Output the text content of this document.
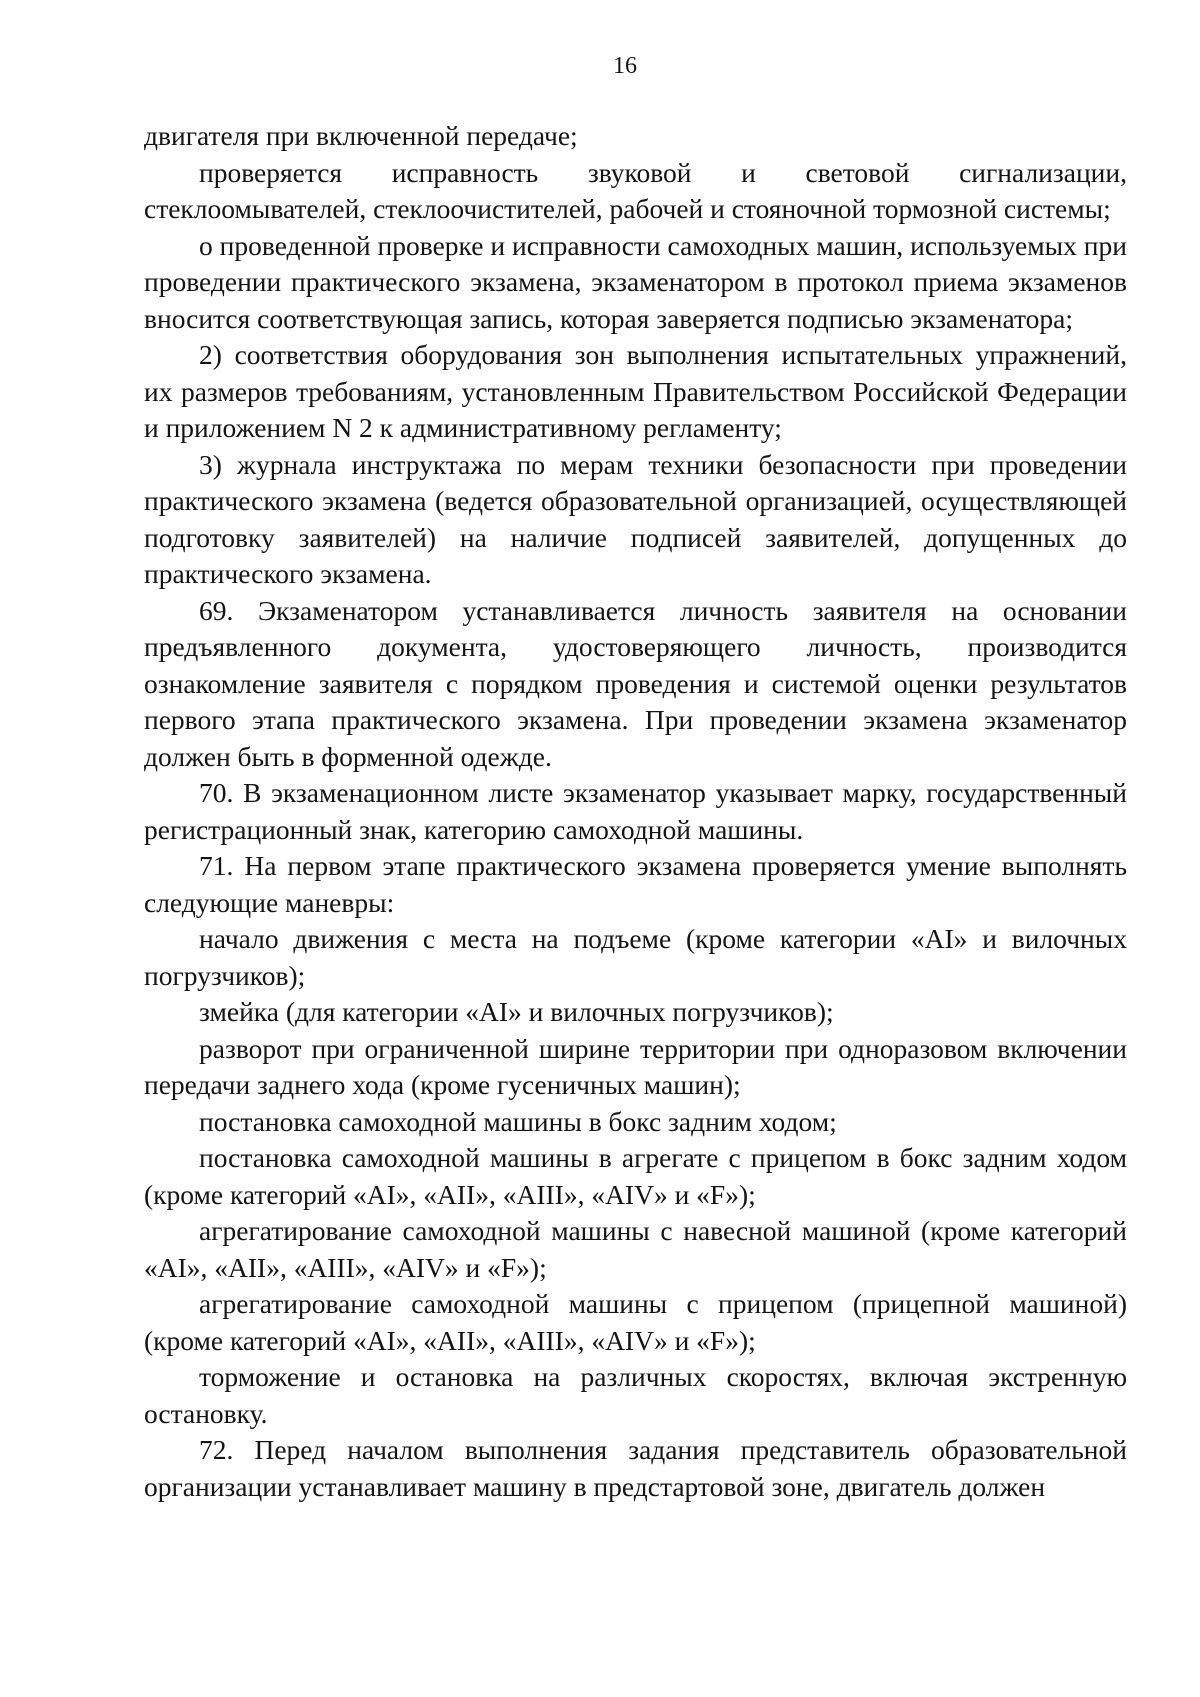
16

двигателя при включенной передаче;

проверяется исправность звуковой и световой сигнализации, стеклоомывателей, стеклоочистителей, рабочей и стояночной тормозной системы;

о проведенной проверке и исправности самоходных машин, используемых при проведении практического экзамена, экзаменатором в протокол приема экзаменов вносится соответствующая запись, которая заверяется подписью экзаменатора;

2) соответствия оборудования зон выполнения испытательных упражнений, их размеров требованиям, установленным Правительством Российской Федерации и приложением N 2 к административному регламенту;

3) журнала инструктажа по мерам техники безопасности при проведении практического экзамена (ведется образовательной организацией, осуществляющей подготовку заявителей) на наличие подписей заявителей, допущенных до практического экзамена.

69. Экзаменатором устанавливается личность заявителя на основании предъявленного документа, удостоверяющего личность, производится ознакомление заявителя с порядком проведения и системой оценки результатов первого этапа практического экзамена. При проведении экзамена экзаменатор должен быть в форменной одежде.

70. В экзаменационном листе экзаменатор указывает марку, государственный регистрационный знак, категорию самоходной машины.

71. На первом этапе практического экзамена проверяется умение выполнять следующие маневры:

начало движения с места на подъеме (кроме категории «AI» и вилочных погрузчиков);

змейка (для категории «AI» и вилочных погрузчиков);

разворот при ограниченной ширине территории при одноразовом включении передачи заднего хода (кроме гусеничных машин);

постановка самоходной машины в бокс задним ходом;

постановка самоходной машины в агрегате с прицепом в бокс задним ходом (кроме категорий «AI», «AII», «AIII», «AIV» и «F»);

агрегатирование самоходной машины с навесной машиной (кроме категорий «AI», «AII», «AIII», «AIV» и «F»);

агрегатирование самоходной машины с прицепом (прицепной машиной) (кроме категорий «AI», «AII», «AIII», «AIV» и «F»);

торможение и остановка на различных скоростях, включая экстренную остановку.

72. Перед началом выполнения задания представитель образовательной организации устанавливает машину в предстартовой зоне, двигатель должен
